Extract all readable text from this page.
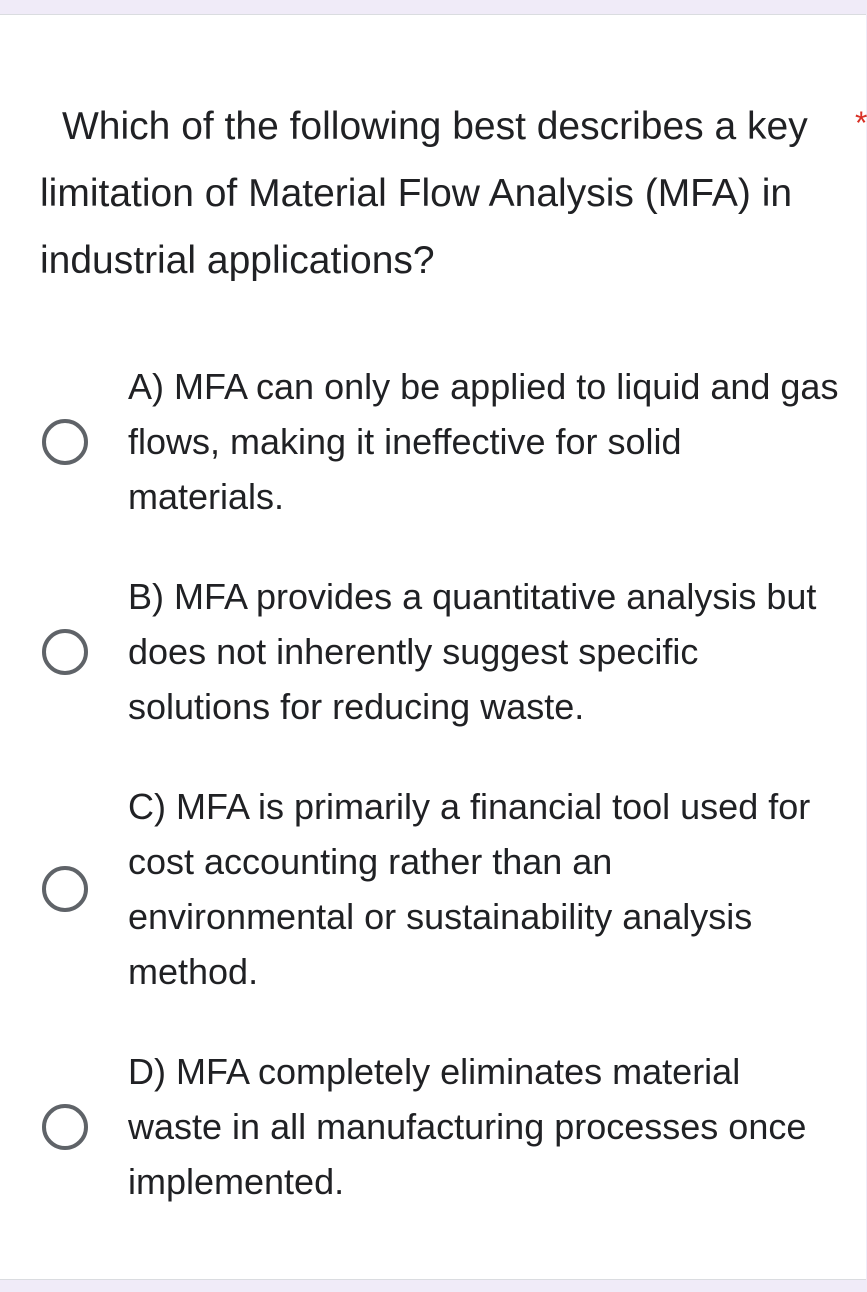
Which of the following best describes a key limitation of Material Flow Analysis (MFA) in industrial applications?

*
A) MFA can only be applied to liquid and gas flows, making it ineffective for solid materials.
B) MFA provides a quantitative analysis but does not inherently suggest specific solutions for reducing waste.
C) MFA is primarily a financial tool used for cost accounting rather than an environmental or sustainability analysis method.
D) MFA completely eliminates material waste in all manufacturing processes once implemented.
